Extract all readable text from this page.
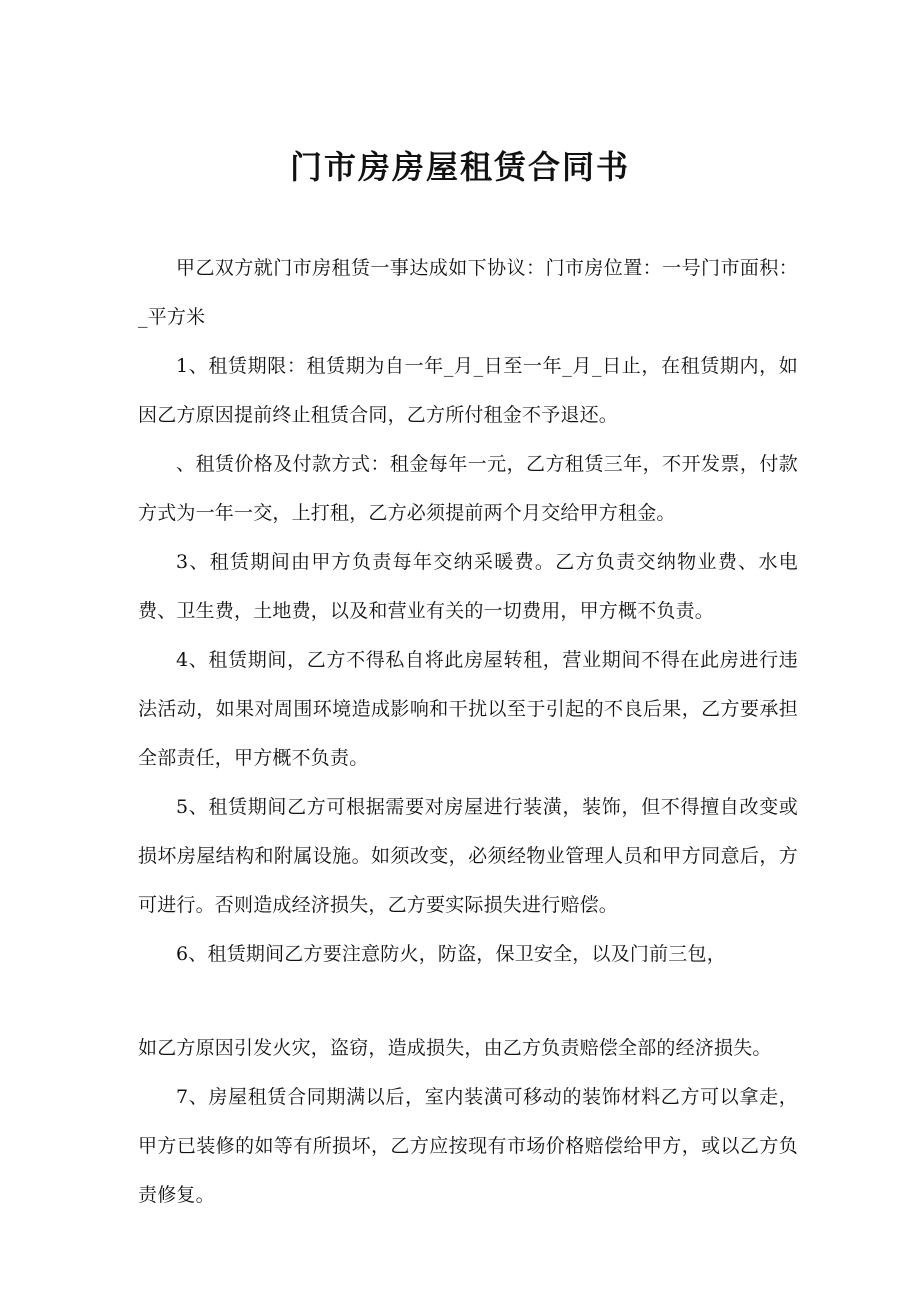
门市房房屋租赁合同书

甲乙双方就门市房租赁一事达成如下协议：门市房位置：一号门市面积：_平方米

1、租赁期限：租赁期为自一年_月_日至一年_月_日止，在租赁期内，如因乙方原因提前终止租赁合同，乙方所付租金不予退还。

、租赁价格及付款方式：租金每年一元，乙方租赁三年，不开发票，付款方式为一年一交，上打租，乙方必须提前两个月交给甲方租金。

3、租赁期间由甲方负责每年交纳采暖费。乙方负责交纳物业费、水电费、卫生费，土地费，以及和营业有关的一切费用，甲方概不负责。

4、租赁期间，乙方不得私自将此房屋转租，营业期间不得在此房进行违法活动，如果对周围环境造成影响和干扰以至于引起的不良后果，乙方要承担全部责任，甲方概不负责。

5、租赁期间乙方可根据需要对房屋进行装潢，装饰，但不得擅自改变或损坏房屋结构和附属设施。如须改变，必须经物业管理人员和甲方同意后，方可进行。否则造成经济损失，乙方要实际损失进行赔偿。

6、租赁期间乙方要注意防火，防盗，保卫安全，以及门前三包，

如乙方原因引发火灾，盗窃，造成损失，由乙方负责赔偿全部的经济损失。

7、房屋租赁合同期满以后，室内装潢可移动的装饰材料乙方可以拿走，甲方已装修的如等有所损坏，乙方应按现有市场价格赔偿给甲方，或以乙方负责修复。
